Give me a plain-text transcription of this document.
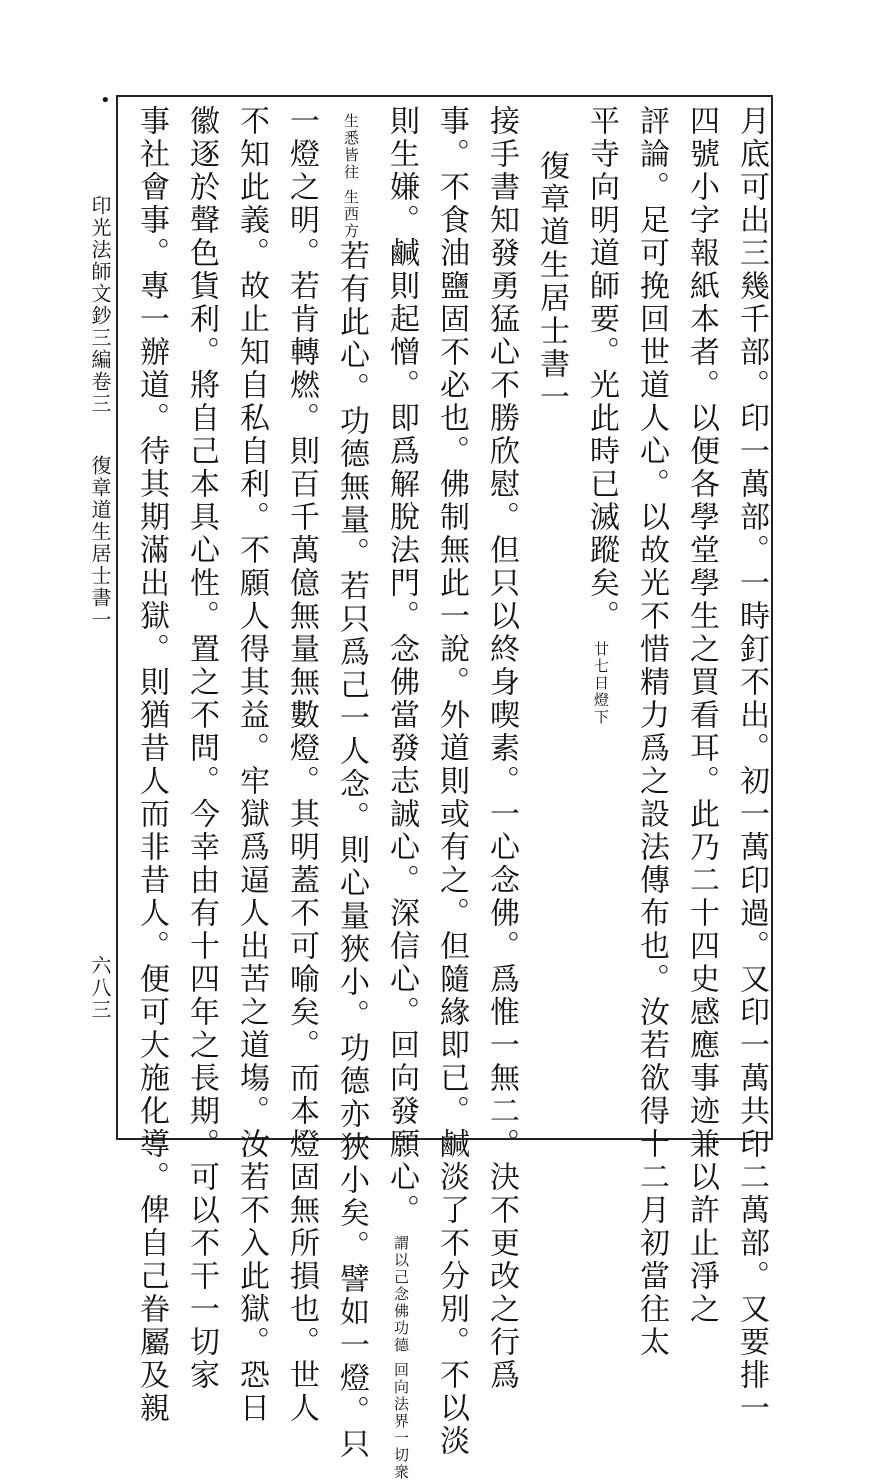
•
印光法師文鈔三編卷三
復章道生居士書一
六八三	月底可出三幾千部。印一萬部。一時釘不出。初一萬印過。又印一萬共印二萬部。又要排一
四號小字報紙本者。以便各學堂學生之買看耳。此乃二十四史感應事迹兼以許止淨之
評論。足可挽回世道人心。以故光不惜精力爲之設法傳布也。汝若欲得十二月初當往太
平寺向明道師要。光此時已滅蹤矣。廿七日燈下
復章道生居士書一
接手書知發勇猛心不勝欣慰。但只以終身喫素。一心念佛。爲惟一無二。決不更改之行爲
事。不食油鹽固不必也。佛制無此一說。外道則或有之。但隨緣即已。鹹淡了不分別。不以淡
則生嫌。鹹則起憎。即爲解脫法門。念佛當發志誠心。深信心。回向發願心。謂以己念佛功德回向法界一切衆
生悉皆往生西方若有此心。功德無量。若只爲己一人念。則心量狹小。功德亦狹小矣。譬如一燈。只
一燈之明。若肯轉燃。則百千萬億無量無數燈。其明蓋不可喻矣。而本燈固無所損也。世人
不知此義。故止知自私自利。不願人得其益。牢獄爲逼人出苦之道塲。汝若不入此獄。恐日
徽逐於聲色貨利。將自己本具心性。置之不問。今幸由有十四年之長期。可以不干一切家
事社會事。專一辦道。待其期滿出獄。則猶昔人而非昔人。便可大施化導。俾自己眷屬及親
